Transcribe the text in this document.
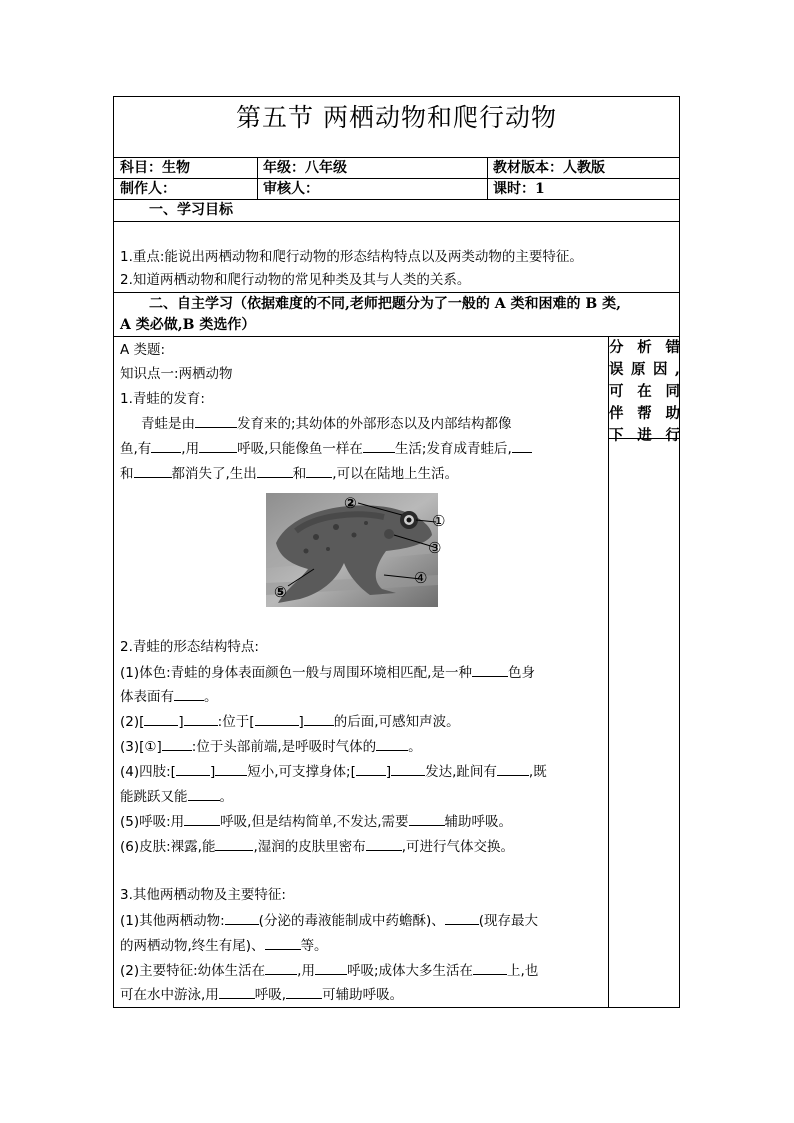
第五节 两栖动物和爬行动物
科目：生物	年级：八年级	教材版本：人教版
制作人：	审核人：	课时：1
一、学习目标
1.重点:能说出两栖动物和爬行动物的形态结构特点以及两类动物的主要特征。
2.知道两栖动物和爬行动物的常见种类及其与人类的关系。
二、自主学习（依据难度的不同,老师把题分为了一般的 A 类和困难的 B 类,
A 类必做,B 类选作）
分析错
误原因,
可在同
伴帮助
下进行
A 类题:
知识点一:两栖动物
1.青蛙的发育:
青蛙是由	发育来的;其幼体的外部形态以及内部结构都像
鱼,有 ,用	呼吸,只能像鱼一样在 生活;发育成青蛙后,
和	都消失了,生出	和 ,可以在陆地上生活。
②
①
③
④
⑤
2.青蛙的形态结构特点:
(1)体色:青蛙的身体表面颜色一般与周围环境相匹配,是一种	色身
体表面有 。
(2)[	]	:位于[	] 的后面,可感知声波。
(3)[①] :位于头部前端,是呼吸时气体的 。
(4)四肢:[	] 短小,可支撑身体;[ ]	发达,趾间有 ,既
能跳跃又能 。
(5)呼吸:用	呼吸,但是结构简单,不发达,需要	辅助呼吸。
(6)皮肤:裸露,能	,湿润的皮肤里密布	,可进行气体交换。
3.其他两栖动物及主要特征:
(1)其他两栖动物:	(分泌的毒液能制成中药蟾酥)、	(现存最大
的两栖动物,终生有尾)、	等。
(2)主要特征:幼体生活在 ,用 呼吸;成体大多生活在	上,也
可在水中游泳,用	呼吸,	可辅助呼吸。
